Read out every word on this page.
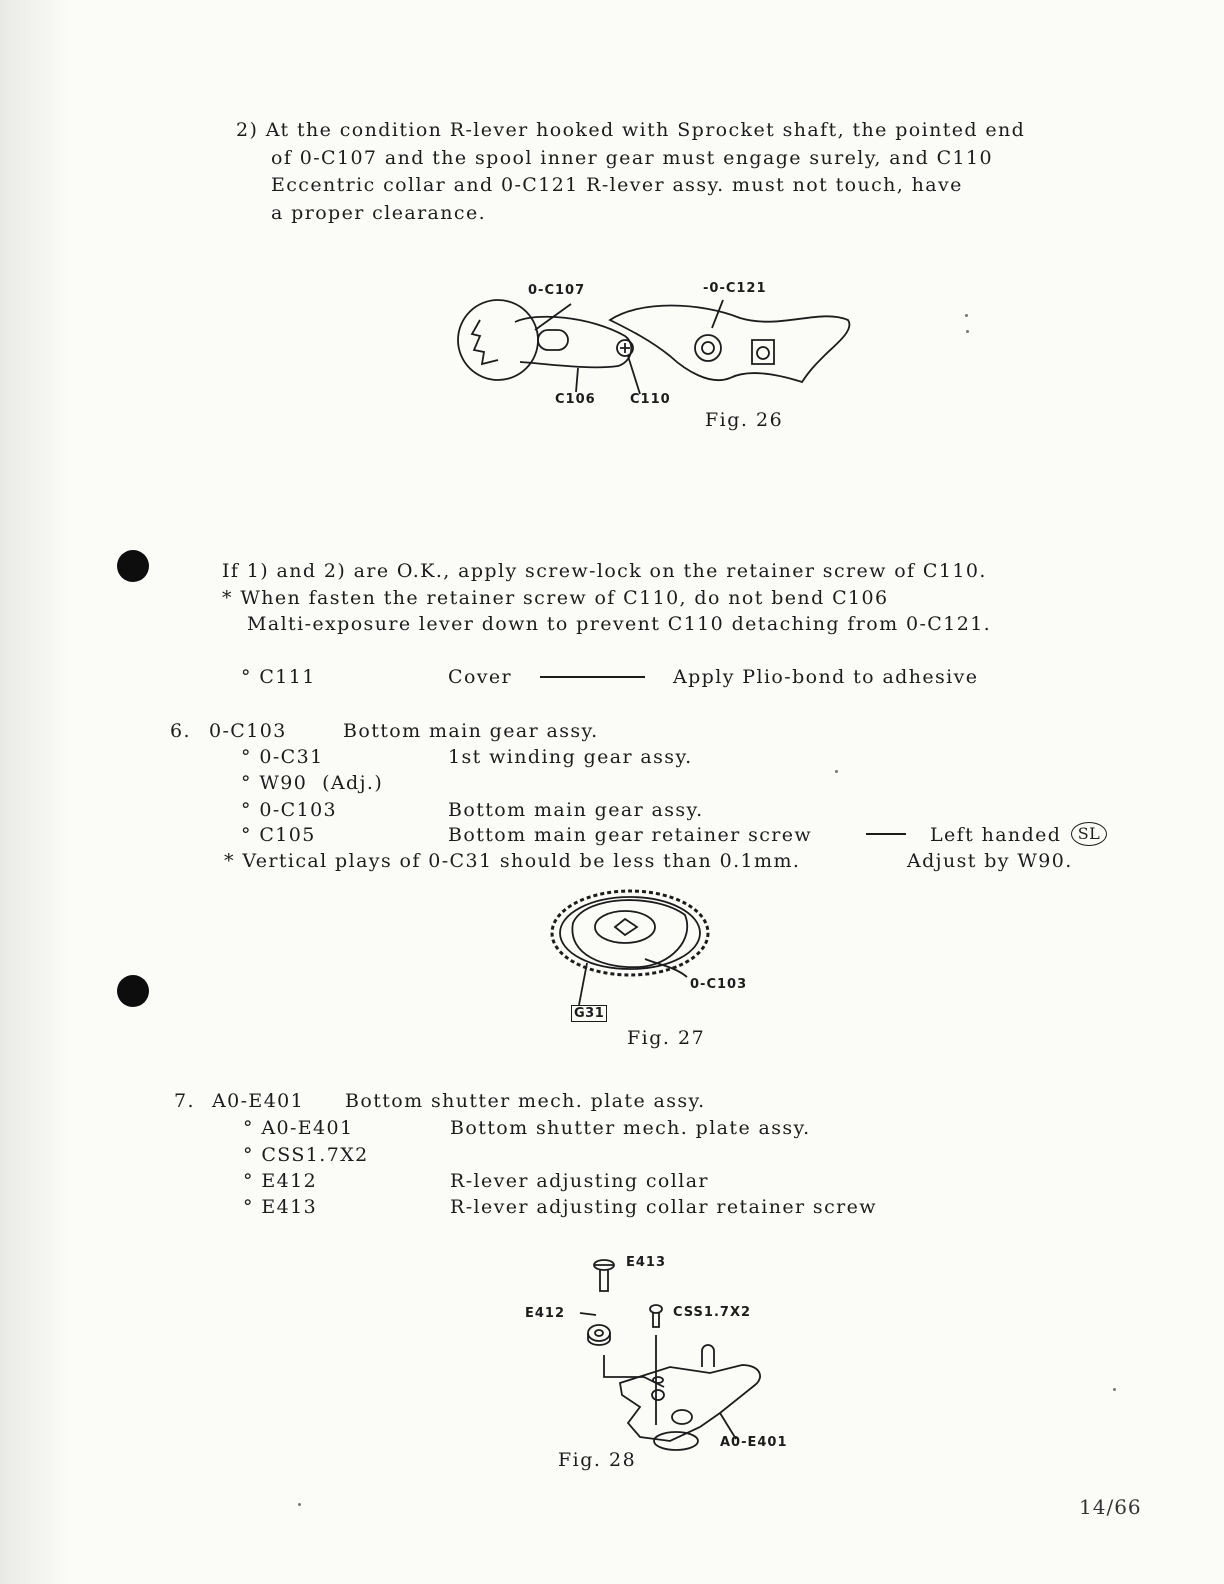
2) At the condition R-lever hooked with Sprocket shaft, the pointed end
of 0-C107 and the spool inner gear must engage surely, and C110
Eccentric collar and 0-C121 R-lever assy. must not touch, have
a proper clearance.
0-C107	-0-C121
C106	C110
Fig. 26
If 1) and 2) are O.K., apply screw-lock on the retainer screw of C110.
* When fasten the retainer screw of C110, do not bend C106
Malti-exposure lever down to prevent C110 detaching from 0-C121.
° C111	Cover	Apply Plio-bond to adhesive
6. 0-C103	Bottom main gear assy.
° 0-C31	1st winding gear assy.
° W90  (Adj.)
° 0-C103	Bottom main gear assy.
° C105	Bottom main gear retainer screw	Left handed	SL
* Vertical plays of 0-C31 should be less than 0.1mm.	Adjust by W90.
0-C103
G31
Fig. 27
7. A0-E401 Bottom shutter mech. plate assy.
° A0-E401	Bottom shutter mech. plate assy.
° CSS1.7X2
° E412	R-lever adjusting collar
° E413	R-lever adjusting collar retainer screw
E413
E412	CSS1.7X2
A0-E401
Fig. 28
14/66
